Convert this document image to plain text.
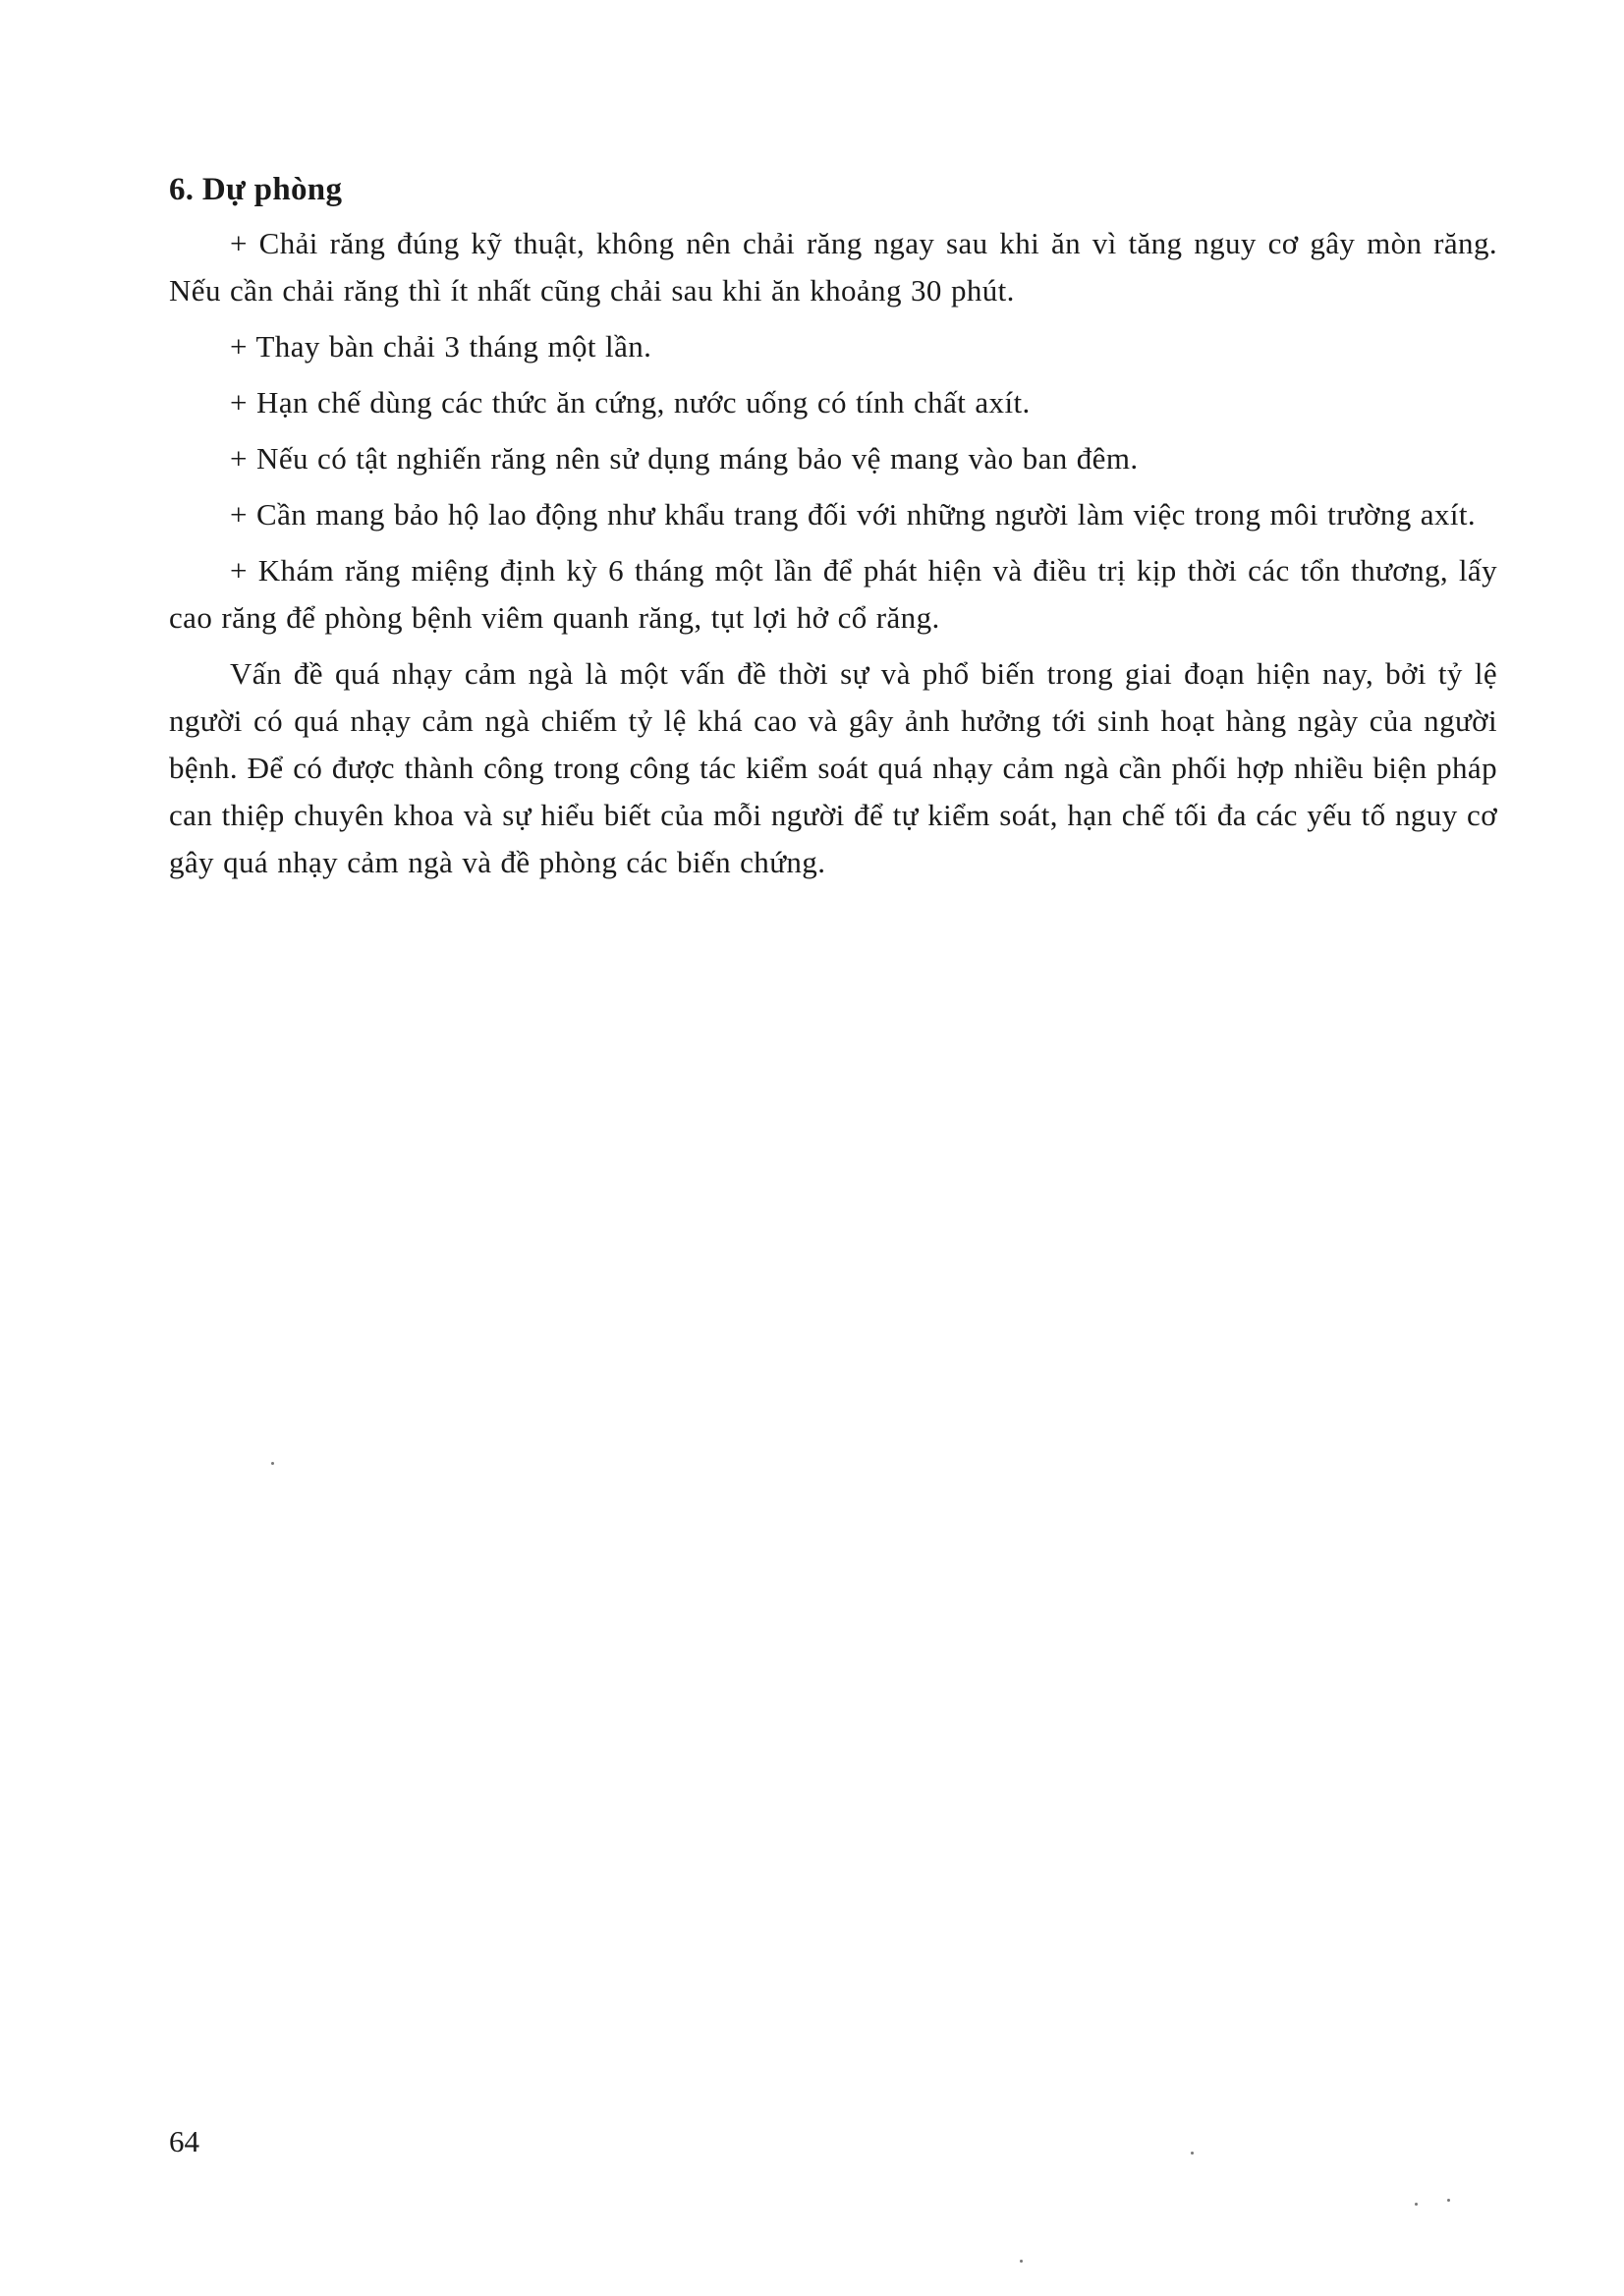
6. Dự phòng

+ Chải răng đúng kỹ thuật, không nên chải răng ngay sau khi ăn vì tăng nguy cơ gây mòn răng. Nếu cần chải răng thì ít nhất cũng chải sau khi ăn khoảng 30 phút.

+ Thay bàn chải 3 tháng một lần.

+ Hạn chế dùng các thức ăn cứng, nước uống có tính chất axít.

+ Nếu có tật nghiến răng nên sử dụng máng bảo vệ mang vào ban đêm.

+ Cần mang bảo hộ lao động như khẩu trang đối với những người làm việc trong môi trường axít.

+ Khám răng miệng định kỳ 6 tháng một lần để phát hiện và điều trị kịp thời các tổn thương, lấy cao răng để phòng bệnh viêm quanh răng, tụt lợi hở cổ răng.

Vấn đề quá nhạy cảm ngà là một vấn đề thời sự và phổ biến trong giai đoạn hiện nay, bởi tỷ lệ người có quá nhạy cảm ngà chiếm tỷ lệ khá cao và gây ảnh hưởng tới sinh hoạt hàng ngày của người bệnh. Để có được thành công trong công tác kiểm soát quá nhạy cảm ngà cần phối hợp nhiều biện pháp can thiệp chuyên khoa và sự hiểu biết của mỗi người để tự kiểm soát, hạn chế tối đa các yếu tố nguy cơ gây quá nhạy cảm ngà và đề phòng các biến chứng.

64
